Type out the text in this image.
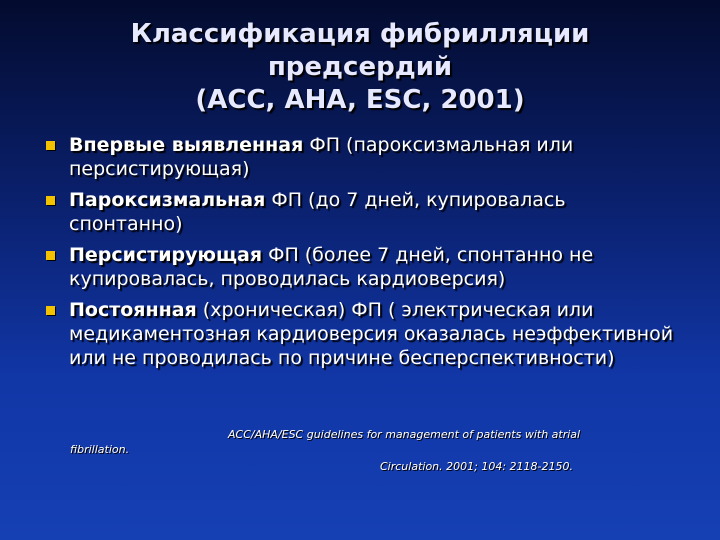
Классификация фибрилляции
предсердий
(ACC, AHA, ESC, 2001)
Впервые выявленная ФП (пароксизмальная или персистирующая)
Пароксизмальная ФП (до 7 дней, купировалась спонтанно)
Персистирующая ФП (более 7 дней, спонтанно не купировалась, проводилась кардиоверсия)
Постоянная (хроническая) ФП ( электрическая или медикаментозная кардиоверсия оказалась неэффективной или не проводилась по причине бесперспективности)
ACC/AHA/ESC guidelines for management of patients with atrial
fibrillation.
Circulation. 2001; 104: 2118-2150.
